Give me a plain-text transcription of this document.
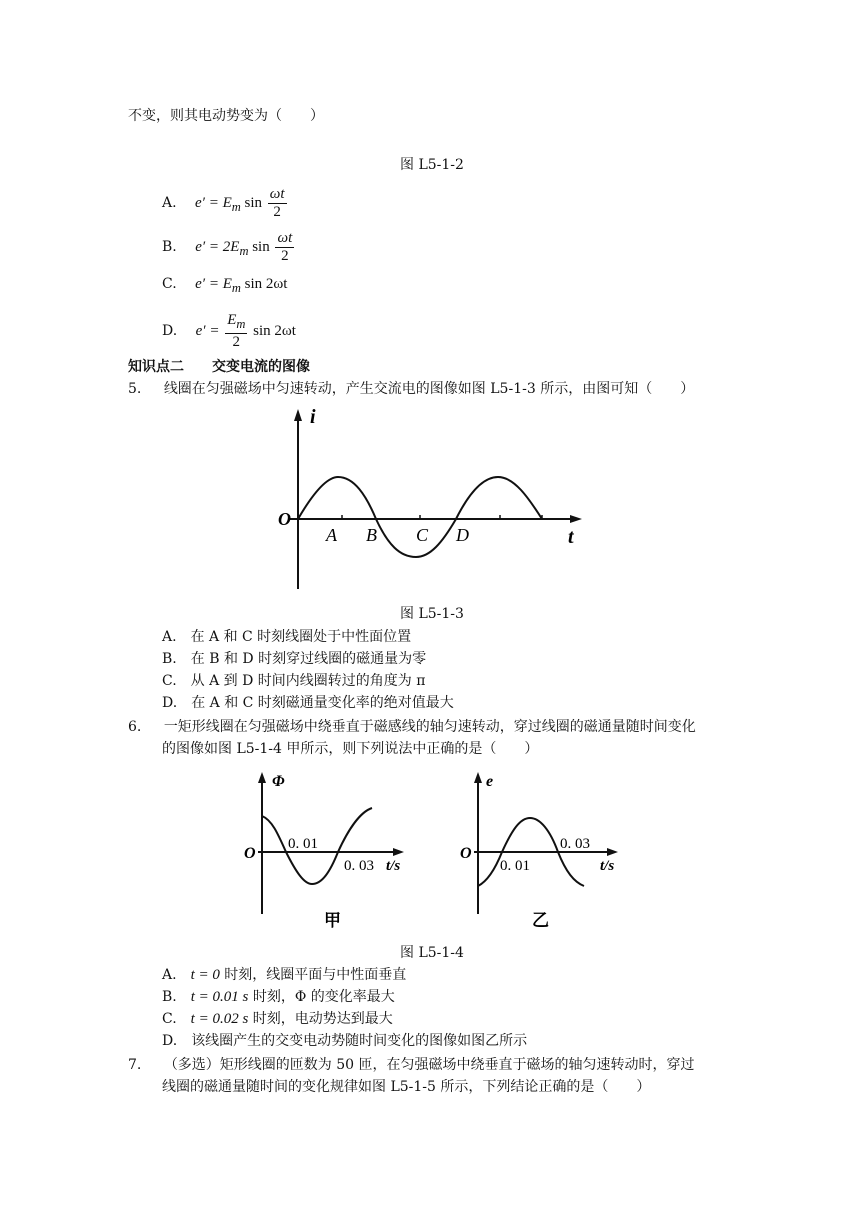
不变，则其电动势变为（　　）
图 L5-1-2
A. $e' = E_m$ $\sin \frac{\omega t}{2}$
B. $e' = 2E_m$ $\sin \frac{\omega t}{2}$
C. $e' = E_m$ sin 2ωt
D. $e' = \frac{E_m}{2}$ sin 2ωt
知识点二　　交变电流的图像
5. 线圈在匀强磁场中匀速转动，产生交流电的图像如图 L5-1-3 所示，由图可知（　　）
i
t
O
A B C D
图 L5-1-3
A. 在 A 和 C 时刻线圈处于中性面位置
B. 在 B 和 D 时刻穿过线圈的磁通量为零
C. 从 A 到 D 时间内线圈转过的角度为 π
D. 在 A 和 C 时刻磁通量变化率的绝对值最大
6. 一矩形线圈在匀强磁场中绕垂直于磁感线的轴匀速转动，穿过线圈的磁通量随时间变化
的图像如图 L5-1-4 甲所示，则下列说法中正确的是（　　）
Φ
O
0. 01
0. 03 t/s
甲
e
O
0. 01
0. 03
t/s
乙
图 L5-1-4
A. t = 0 时刻，线圈平面与中性面垂直
B. t = 0.01 s 时刻，Φ 的变化率最大
C. t = 0.02 s 时刻，电动势达到最大
D. 该线圈产生的交变电动势随时间变化的图像如图乙所示
7. （多选）矩形线圈的匝数为 50 匝，在匀强磁场中绕垂直于磁场的轴匀速转动时，穿过
线圈的磁通量随时间的变化规律如图 L5-1-5 所示，下列结论正确的是（　　）
